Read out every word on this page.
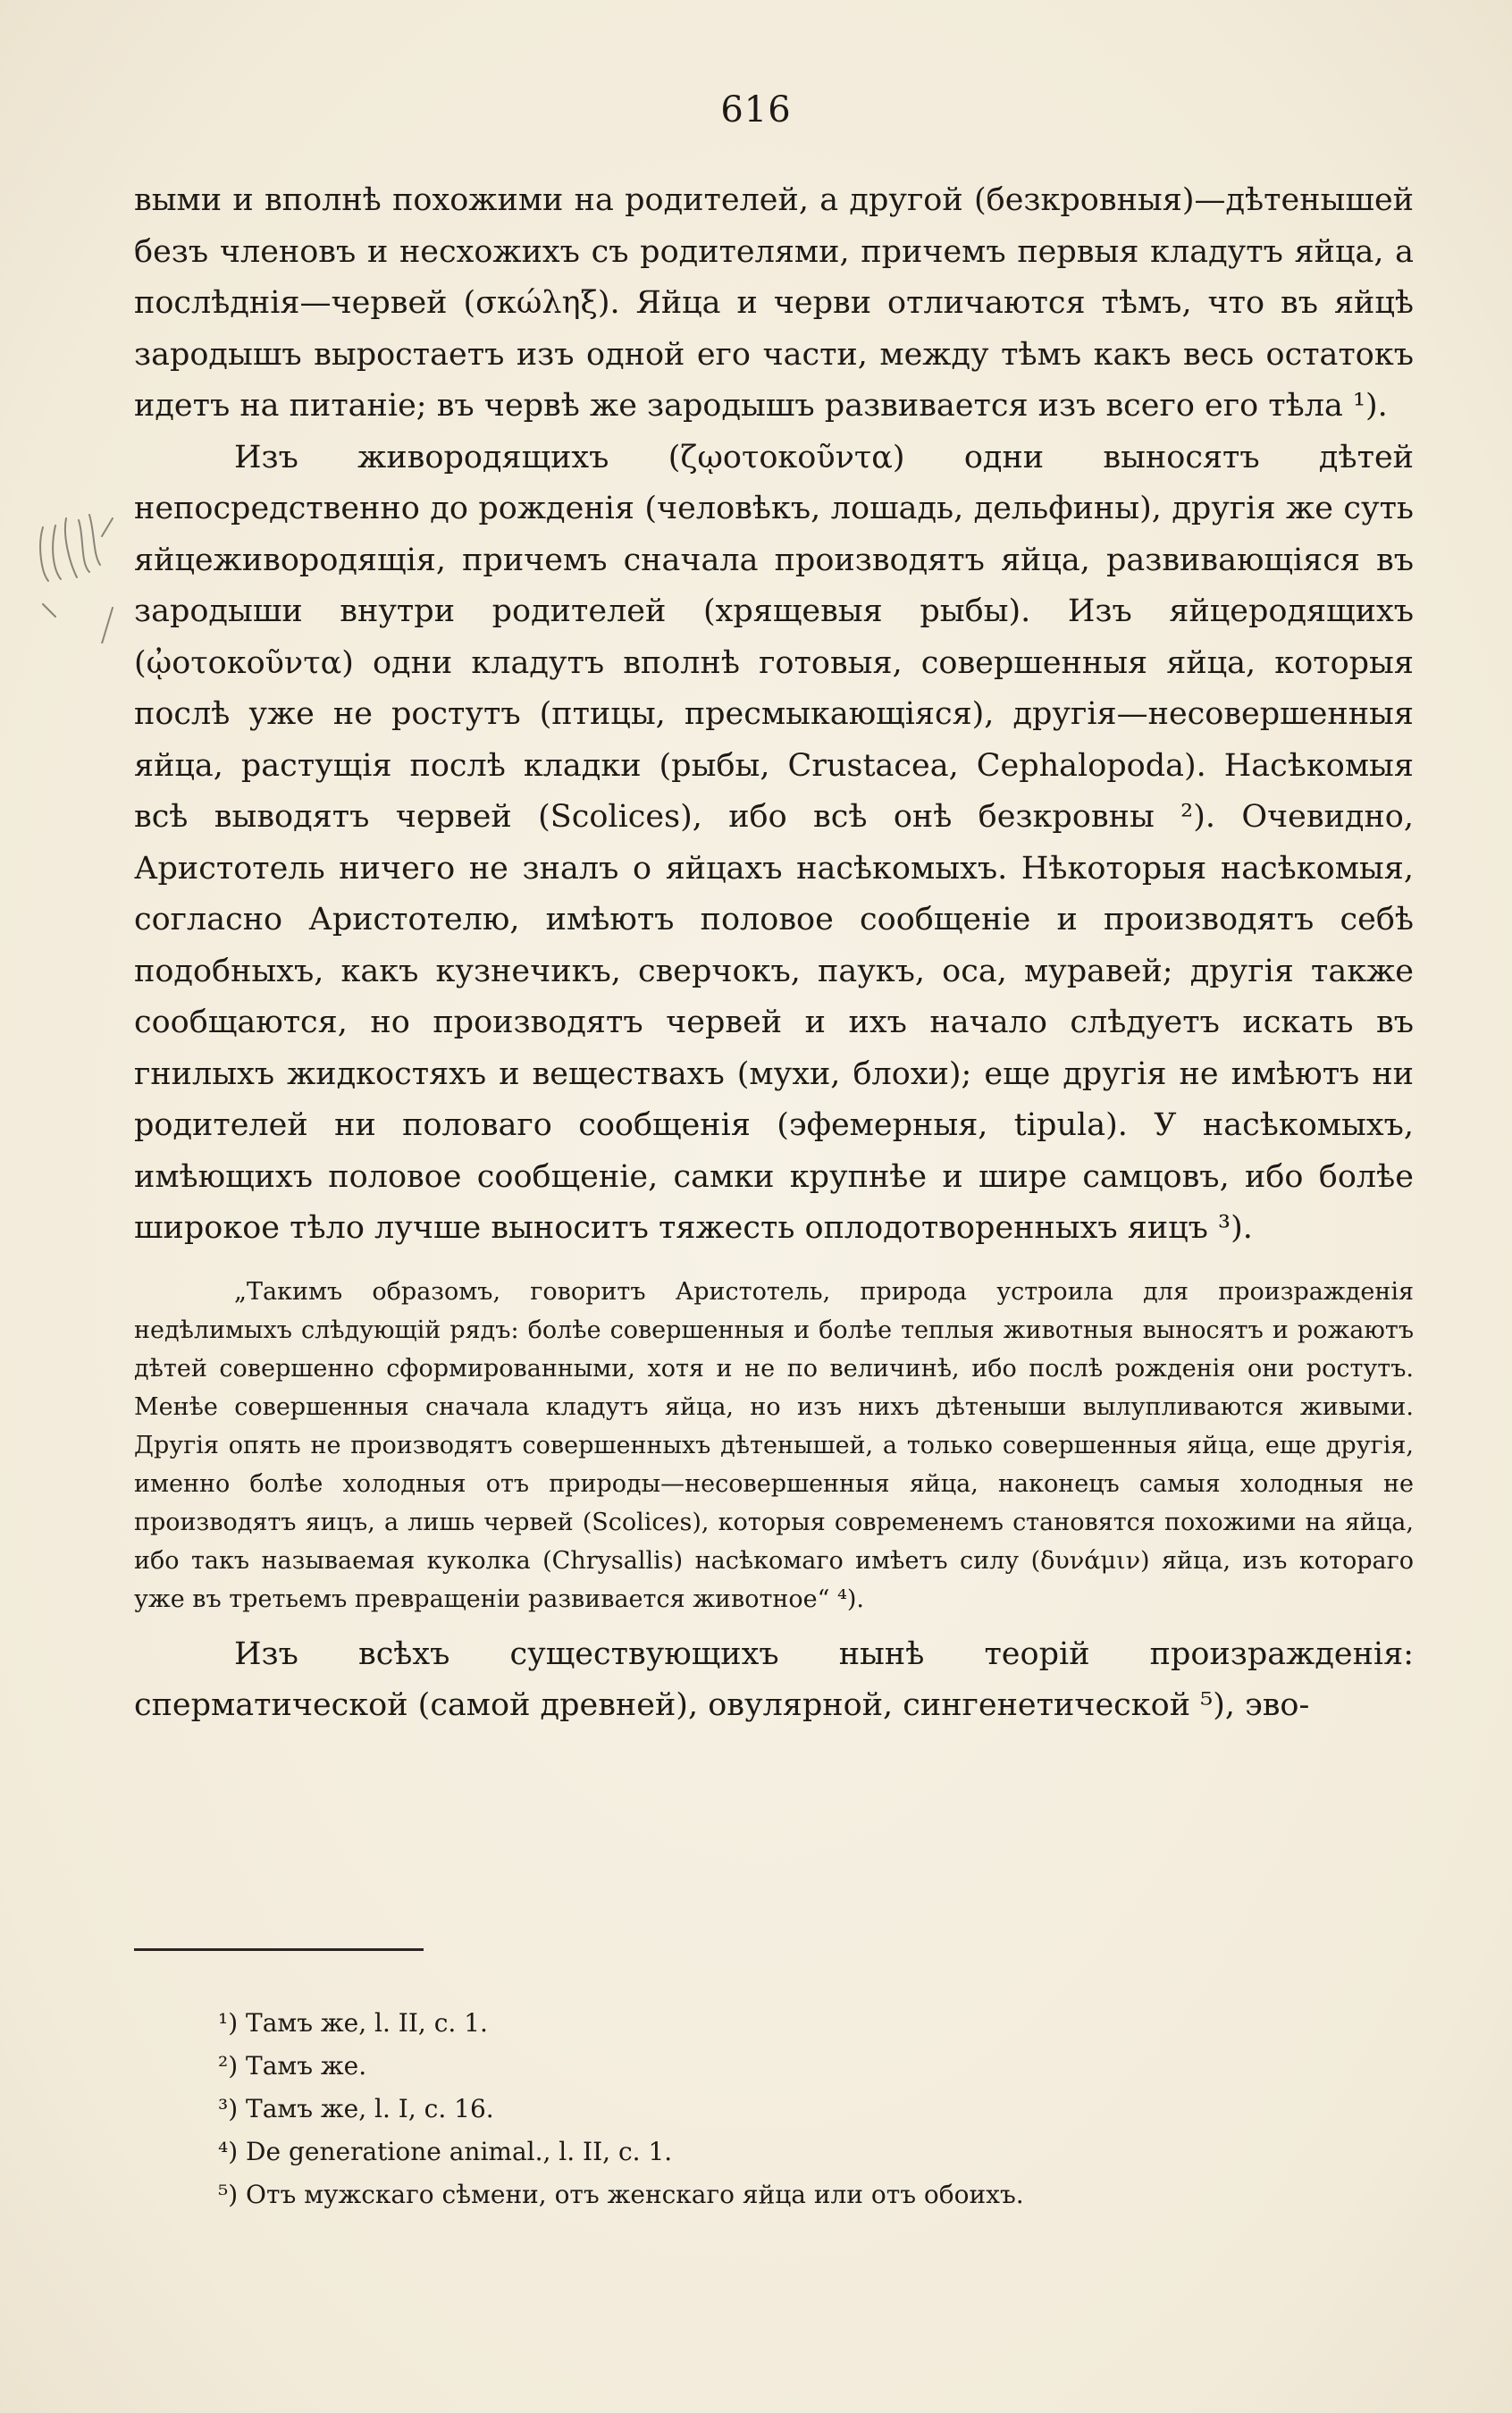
616

выми и вполнѣ похожими на родителей, а другой (безкровныя)—дѣтенышей безъ членовъ и несхожихъ съ родителями, причемъ первыя кладутъ яйца, а послѣднія—червей (σκώληξ). Яйца и черви отличаются тѣмъ, что въ яйцѣ зародышъ выростаетъ изъ одной его части, между тѣмъ какъ весь остатокъ идетъ на питаніе; въ червѣ же зародышъ развивается изъ всего его тѣла ¹).

Изъ живородящихъ (ζῳοτοκοῦντα) одни выносятъ дѣтей непосредственно до рожденія (человѣкъ, лошадь, дельфины), другія же суть яйцеживородящія, причемъ сначала производятъ яйца, развивающіяся въ зародыши внутри родителей (хрящевыя рыбы). Изъ яйцеродящихъ (ᾠοτοκοῦντα) одни кладутъ вполнѣ готовыя, совершенныя яйца, которыя послѣ уже не ростутъ (птицы, пресмыкающіяся), другія—несовершенныя яйца, растущія послѣ кладки (рыбы, Crustacea, Cephalopoda). Насѣкомыя всѣ выводятъ червей (Scolices), ибо всѣ онѣ безкровны ²). Очевидно, Аристотель ничего не зналъ о яйцахъ насѣкомыхъ. Нѣкоторыя насѣкомыя, согласно Аристотелю, имѣютъ половое сообщеніе и производятъ себѣ подобныхъ, какъ кузнечикъ, сверчокъ, паукъ, оса, муравей; другія также сообщаются, но производятъ червей и ихъ начало слѣдуетъ искать въ гнилыхъ жидкостяхъ и веществахъ (мухи, блохи); еще другія не имѣютъ ни родителей ни половаго сообщенія (эфемерныя, tipula). У насѣкомыхъ, имѣющихъ половое сообщеніе, самки крупнѣе и шире самцовъ, ибо болѣе широкое тѣло лучше выноситъ тяжесть оплодотворенныхъ яицъ ³).

„Такимъ образомъ, говоритъ Аристотель, природа устроила для произражденія недѣлимыхъ слѣдующій рядъ: болѣе совершенныя и болѣе теплыя животныя выносятъ и рожаютъ дѣтей совершенно сформированными, хотя и не по величинѣ, ибо послѣ рожденія они ростутъ. Менѣе совершенныя сначала кладутъ яйца, но изъ нихъ дѣтеныши вылупливаются живыми. Другія опять не производятъ совершенныхъ дѣтенышей, а только совершенныя яйца, еще другія, именно болѣе холодныя отъ природы—несовершенныя яйца, наконецъ самыя холодныя не производятъ яицъ, а лишь червей (Scolices), которыя современемъ становятся похожими на яйца, ибо такъ называемая куколка (Chrysallis) насѣкомаго имѣетъ силу (δυνάμιν) яйца, изъ котораго уже въ третьемъ превращеніи развивается животное“ ⁴).

Изъ всѣхъ существующихъ нынѣ теорій произражденія: сперматической (самой древней), овулярной, сингенетической ⁵), эво-

¹) Тамъ же, l. II, c. 1.
²) Тамъ же.
³) Тамъ же, l. I, c. 16.
⁴) De generatione animal., l. II, c. 1.
⁵) Отъ мужскаго сѣмени, отъ женскаго яйца или отъ обоихъ.
